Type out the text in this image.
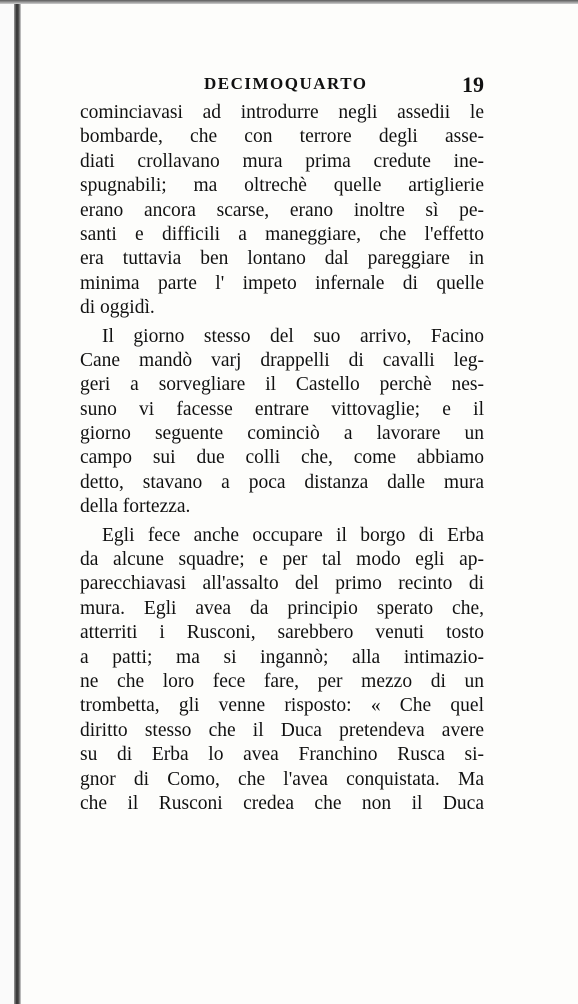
DECIMOQUARTO	19
cominciavasi ad introdurre negli assedii le
bombarde, che con terrore degli asse-
diati crollavano mura prima credute ine-
spugnabili; ma oltrechè quelle artiglierie
erano ancora scarse, erano inoltre sì pe-
santi e difficili a maneggiare, che l'effetto
era tuttavia ben lontano dal pareggiare in
minima parte l' impeto infernale di quelle
di oggidì.
Il giorno stesso del suo arrivo, Facino
Cane mandò varj drappelli di cavalli leg-
geri a sorvegliare il Castello perchè nes-
suno vi facesse entrare vittovaglie; e il
giorno seguente cominciò a lavorare un
campo sui due colli che, come abbiamo
detto, stavano a poca distanza dalle mura
della fortezza.
Egli fece anche occupare il borgo di Erba
da alcune squadre; e per tal modo egli ap-
parecchiavasi all'assalto del primo recinto di
mura. Egli avea da principio sperato che,
atterriti i Rusconi, sarebbero venuti tosto
a patti; ma si ingannò; alla intimazio-
ne che loro fece fare, per mezzo di un
trombetta, gli venne risposto: « Che quel
diritto stesso che il Duca pretendeva avere
su di Erba lo avea Franchino Rusca si-
gnor di Como, che l'avea conquistata. Ma
che il Rusconi credea che non il Duca
